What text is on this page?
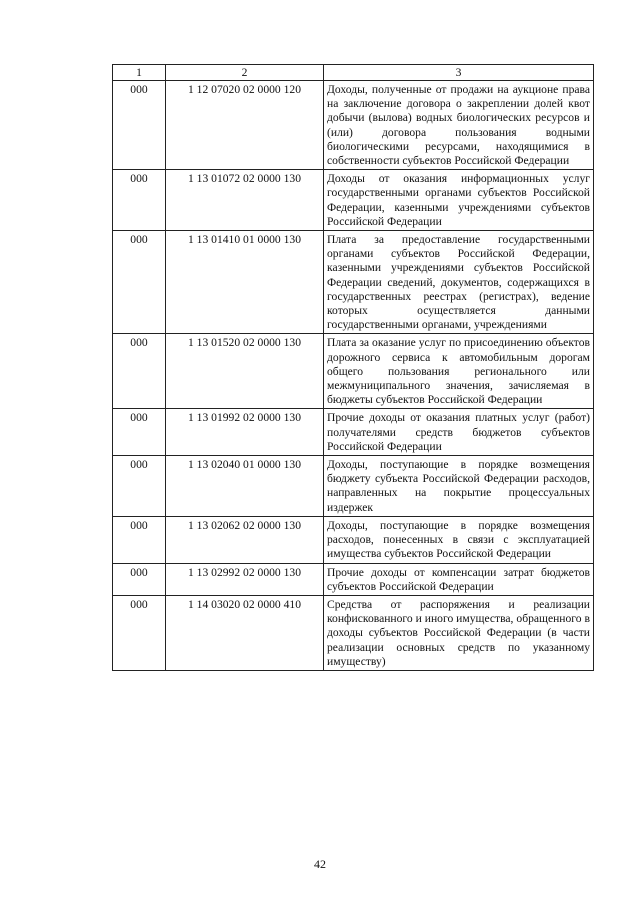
1	2	3
000	1 12 07020 02 0000 120	Доходы, полученные от продажи на аукционе права на заключение договора о закреплении долей квот добычи (вылова) водных биологических ресурсов и (или) договора пользования водными биологическими ресурсами, находящимися в собственности субъектов Российской Федерации
000	1 13 01072 02 0000 130	Доходы от оказания информационных услуг государственными органами субъектов Российской Федерации, казенными учреждениями субъектов Российской Федерации
000	1 13 01410 01 0000 130	Плата за предоставление государственными органами субъектов Российской Федерации, казенными учреждениями субъектов Российской Федерации сведений, документов, содержащихся в государственных реестрах (регистрах), ведение которых осуществляется данными государственными органами, учреждениями
000	1 13 01520 02 0000 130	Плата за оказание услуг по присоединению объектов дорожного сервиса к автомобильным дорогам общего пользования регионального или межмуниципального значения, зачисляемая в бюджеты субъектов Российской Федерации
000	1 13 01992 02 0000 130	Прочие доходы от оказания платных услуг (работ) получателями средств бюджетов субъектов Российской Федерации
000	1 13 02040 01 0000 130	Доходы, поступающие в порядке возмещения бюджету субъекта Российской Федерации расходов, направленных на покрытие процессуальных издержек
000	1 13 02062 02 0000 130	Доходы, поступающие в порядке возмещения расходов, понесенных в связи с эксплуатацией имущества субъектов Российской Федерации
000	1 13 02992 02 0000 130	Прочие доходы от компенсации затрат бюджетов субъектов Российской Федерации
000	1 14 03020 02 0000 410	Средства от распоряжения и реализации конфискованного и иного имущества, обращенного в доходы субъектов Российской Федерации (в части реализации основных средств по указанному имуществу)
42
